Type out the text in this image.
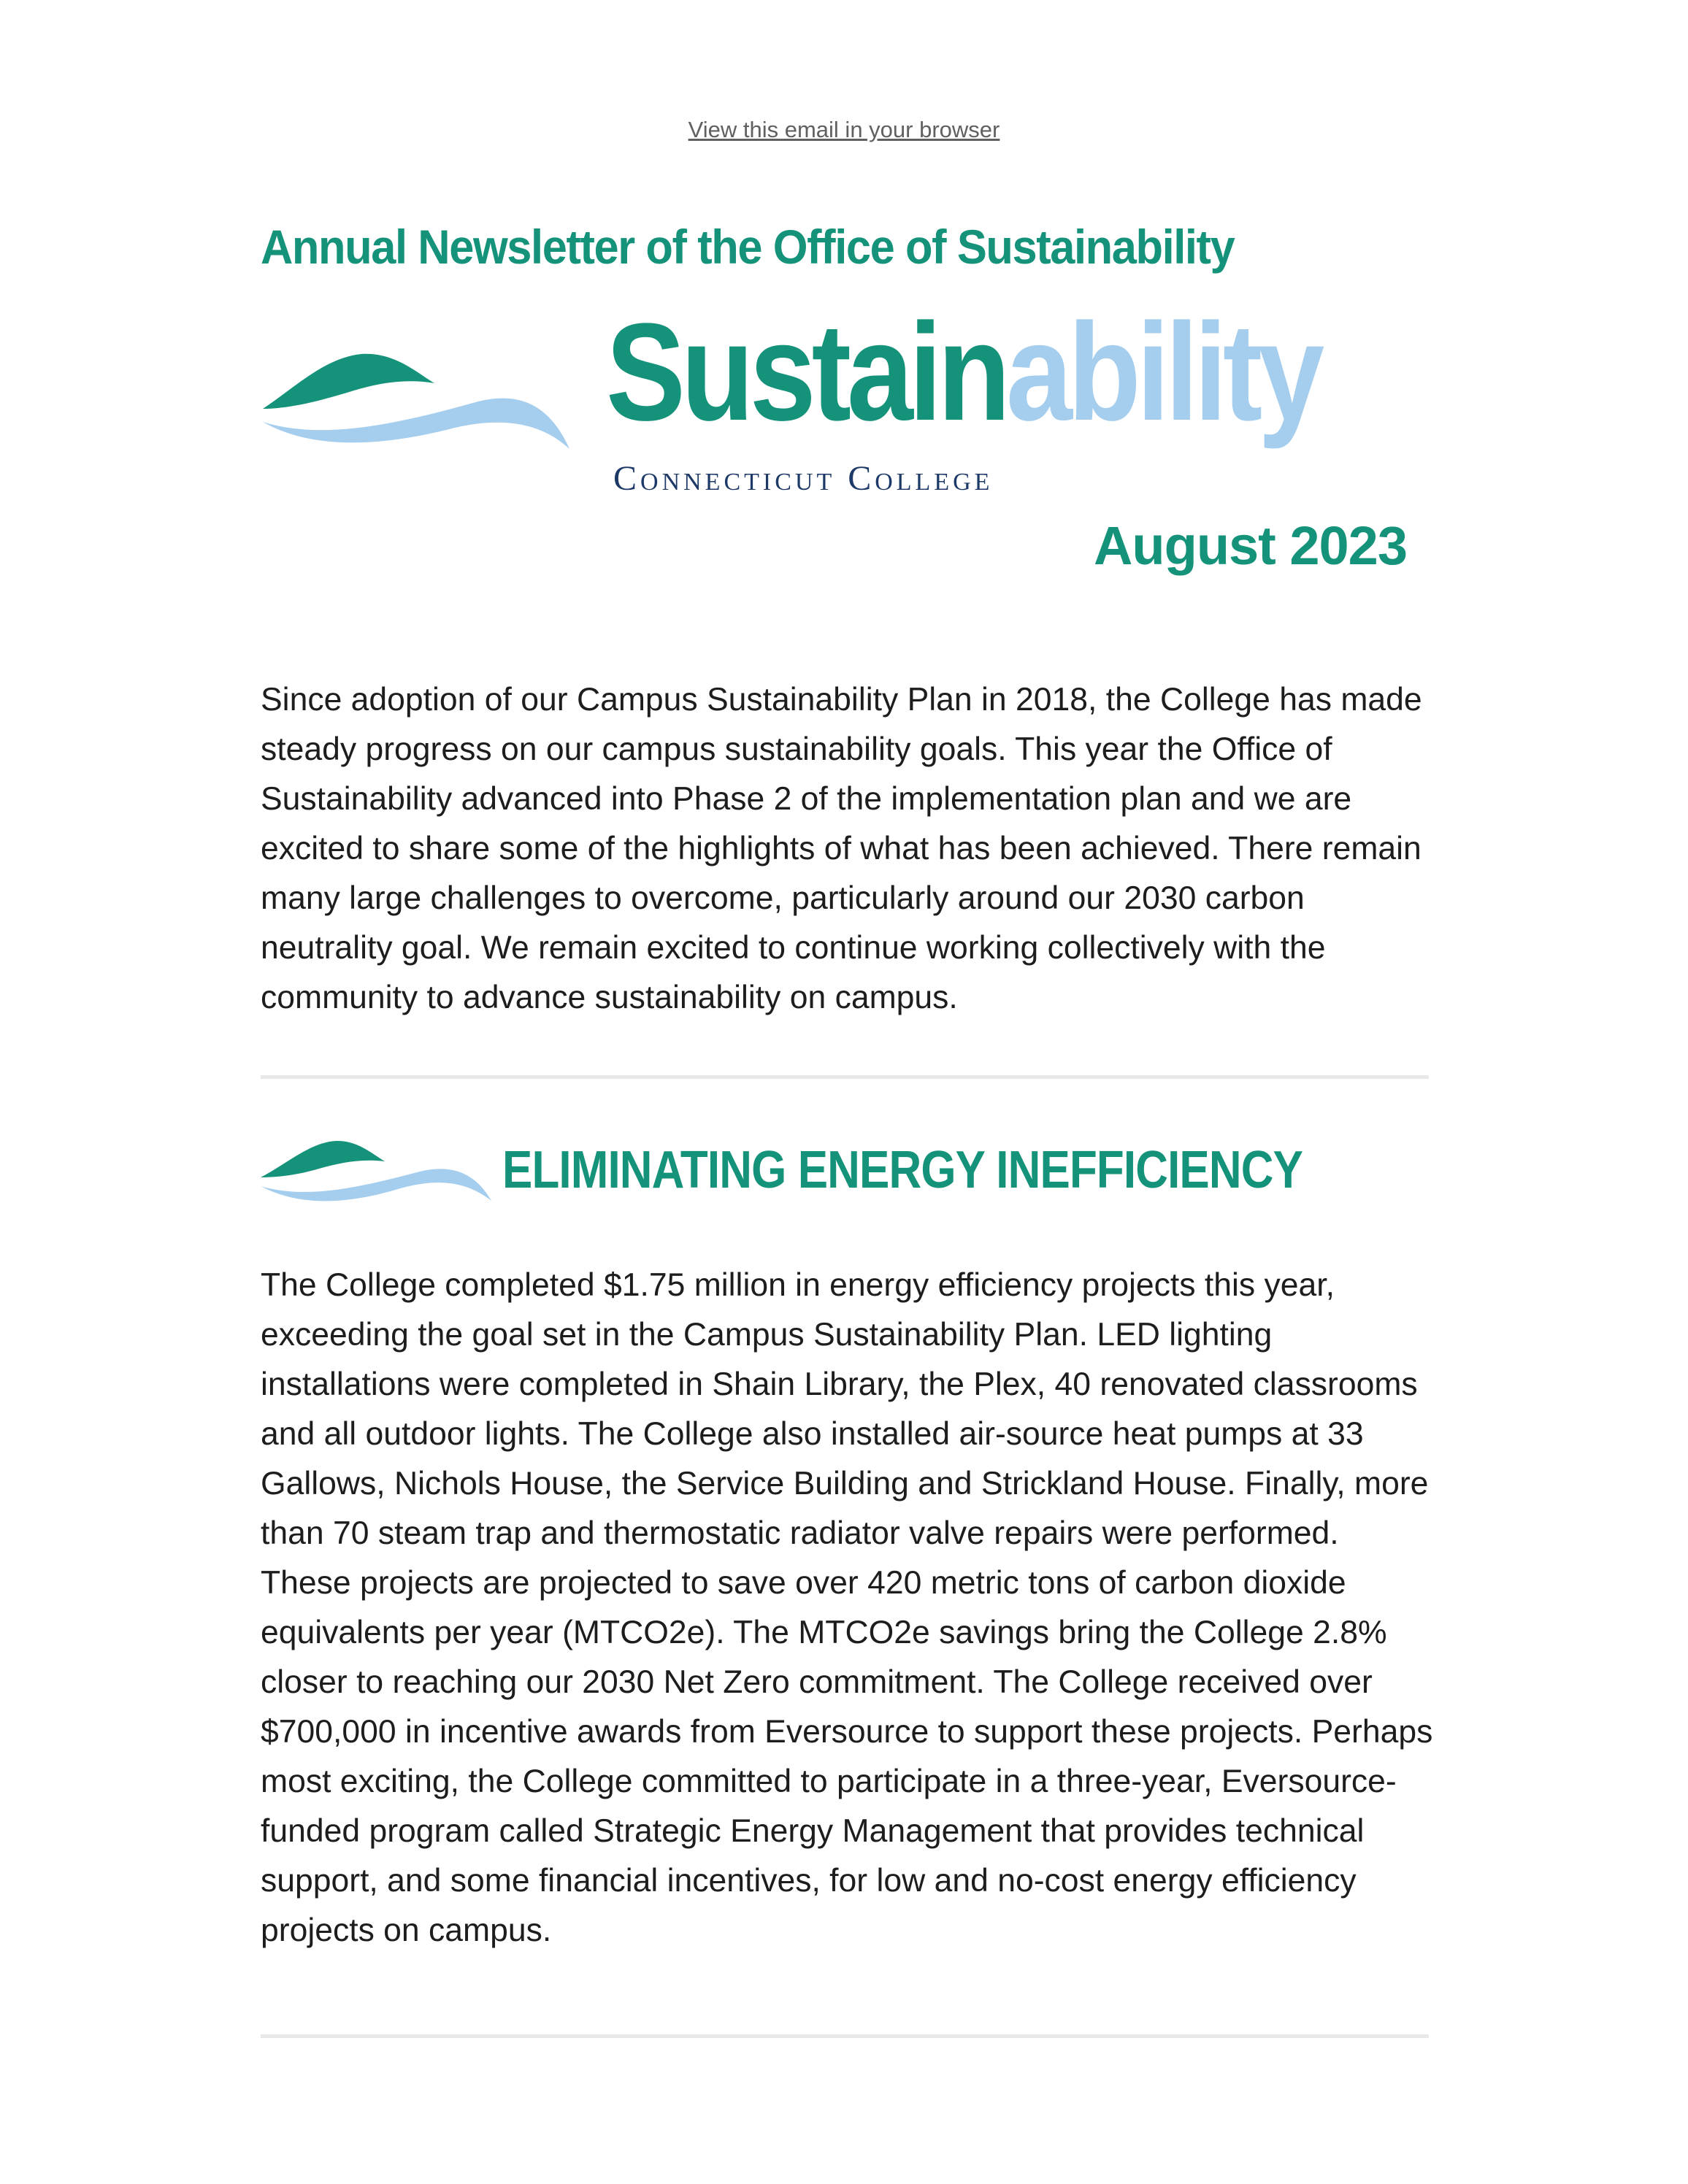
View this email in your browser
Annual Newsletter of the Office of Sustainability
Sustainability
Connecticut College
August 2023

Since adoption of our Campus Sustainability Plan in 2018, the College has made steady progress on our campus sustainability goals. This year the Office of Sustainability advanced into Phase 2 of the implementation plan and we are excited to share some of the highlights of what has been achieved. There remain many large challenges to overcome, particularly around our 2030 carbon neutrality goal. We remain excited to continue working collectively with the community to advance sustainability on campus.

ELIMINATING ENERGY INEFFICIENCY

The College completed $1.75 million in energy efficiency projects this year, exceeding the goal set in the Campus Sustainability Plan. LED lighting installations were completed in Shain Library, the Plex, 40 renovated classrooms and all outdoor lights. The College also installed air-source heat pumps at 33 Gallows, Nichols House, the Service Building and Strickland House. Finally, more than 70 steam trap and thermostatic radiator valve repairs were performed. These projects are projected to save over 420 metric tons of carbon dioxide equivalents per year (MTCO2e). The MTCO2e savings bring the College 2.8% closer to reaching our 2030 Net Zero commitment. The College received over $700,000 in incentive awards from Eversource to support these projects. Perhaps most exciting, the College committed to participate in a three-year, Eversource-funded program called Strategic Energy Management that provides technical support, and some financial incentives, for low and no-cost energy efficiency projects on campus.
